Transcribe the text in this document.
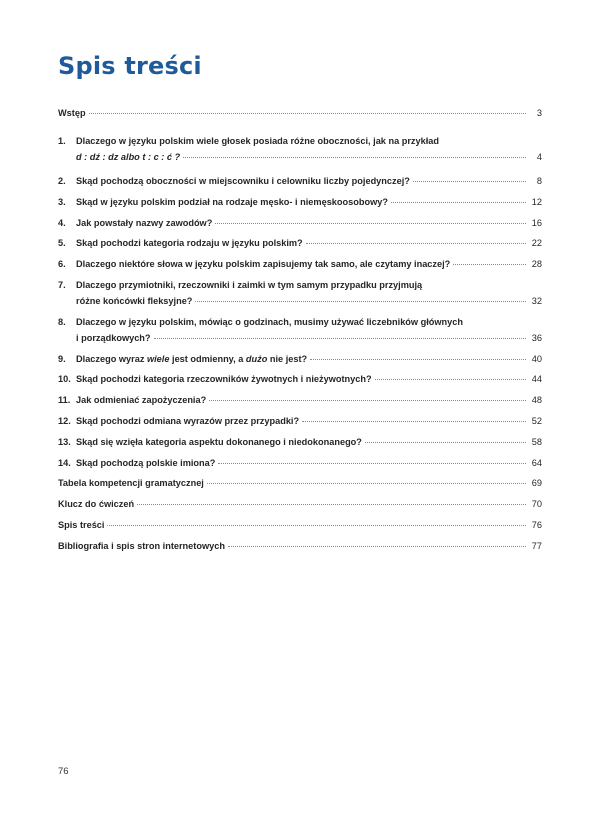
Spis treści
Wstęp	3
1.	Dlaczego w języku polskim wiele głosek posiada różne oboczności, jak na przykład
d : dź : dz albo t : c : ć ?	4
2.	Skąd pochodzą oboczności w miejscowniku i celowniku liczby pojedynczej?	8
3.	Skąd w języku polskim podział na rodzaje męsko- i niemęskoosobowy?	12
4.	Jak powstały nazwy zawodów?	16
5.	Skąd pochodzi kategoria rodzaju w języku polskim?	22
6.	Dlaczego niektóre słowa w języku polskim zapisujemy tak samo, ale czytamy inaczej?	28
7.	Dlaczego przymiotniki, rzeczowniki i zaimki w tym samym przypadku przyjmują
różne końcówki fleksyjne?	32
8.	Dlaczego w języku polskim, mówiąc o godzinach, musimy używać liczebników głównych
i porządkowych?	36
9.	Dlaczego wyraz wiele jest odmienny, a dużo nie jest?	40
10. Skąd pochodzi kategoria rzeczowników żywotnych i nieżywotnych?	44
11. Jak odmieniać zapożyczenia?	48
12. Skąd pochodzi odmiana wyrazów przez przypadki?	52
13. Skąd się wzięła kategoria aspektu dokonanego i niedokonanego?	58
14. Skąd pochodzą polskie imiona?	64
Tabela kompetencji gramatycznej	69
Klucz do ćwiczeń	70
Spis treści	76
Bibliografia i spis stron internetowych	77
76
